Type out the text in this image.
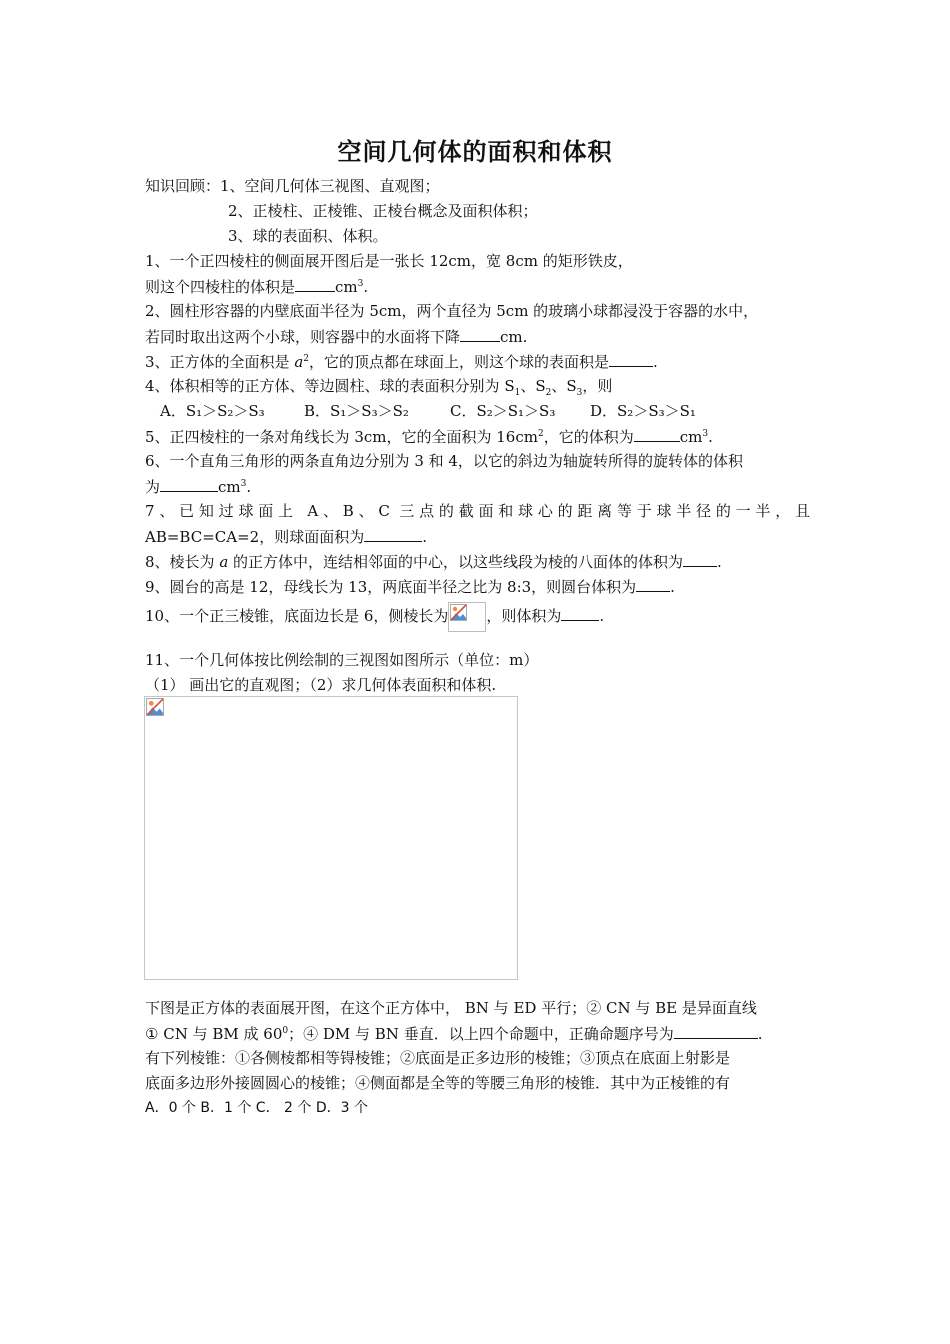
空间几何体的面积和体积
知识回顾：1、空间几何体三视图、直观图；
2、正棱柱、正棱锥、正棱台概念及面积体积；
3、球的表面积、体积。
1、一个正四棱柱的侧面展开图后是一张长 12cm，宽 8cm 的矩形铁皮，
则这个四棱柱的体积是	$cm^3$.
2、圆柱形容器的内壁底面半径为 5cm，两个直径为 5cm 的玻璃小球都浸没于容器的水中，
若同时取出这两个小球，则容器中的水面将下降	cm.
3、正方体的全面积是 $a^2$，它的顶点都在球面上，则这个球的表面积是	.
4、体积相等的正方体、等边圆柱、球的表面积分别为 $S_1$、$S_2$、$S_3$，则
A．S₁＞S₂＞S₃	B．S₁＞S₃＞S₂	C．S₂＞S₁＞S₃ D．S₂＞S₃＞S₁
5、正四棱柱的一条对角线长为 3cm，它的全面积为 $16cm^2$，它的体积为	$cm^3$.
6、一个直角三角形的两条直角边分别为 3 和 4，以它的斜边为轴旋转所得的旋转体的体积
为	$cm^3$.
7、已知过球面上 A、B、C 三点的截面和球心的距离等于球半径的一半，且
AB=BC=CA=2，则球面面积为	.
8、棱长为 a 的正方体中，连结相邻面的中心，以这些线段为棱的八面体的体积为 .
9、圆台的高是 12，母线长为 13，两底面半径之比为 8:3，则圆台体积为 .
10、一个正三棱锥，底面边长是 6，侧棱长为	，则体积为	.
11、一个几何体按比例绘制的三视图如图所示（单位：m）
（1） 画出它的直观图；（2）求几何体表面积和体积.
下图是正方体的表面展开图，在这个正方体中， BN 与 ED 平行；② CN 与 BE 是异面直线
① CN 与 BM 成 $60^0$；④ DM 与 BN 垂直．以上四个命题中，正确命题序号为	.
有下列棱锥：①各侧棱都相等锝棱锥；②底面是正多边形的棱锥；③顶点在底面上射影是
底面多边形外接圆圆心的棱锥；④侧面都是全等的等腰三角形的棱锥．其中为正棱锥的有
A．0 个 B．1 个 C． 2 个 D．3 个
